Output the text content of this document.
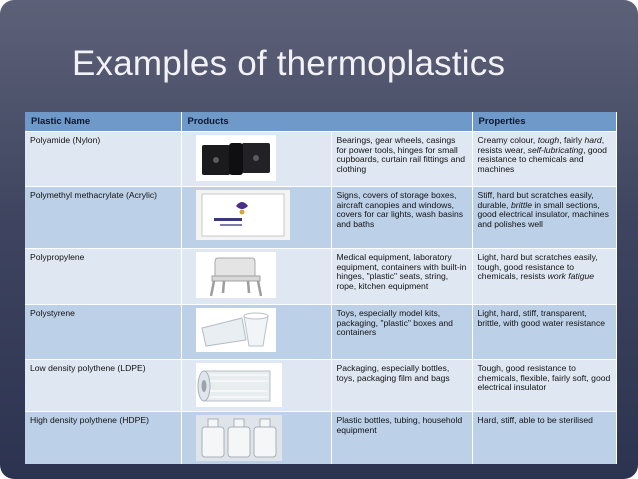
Examples of thermoplastics
Plastic Name	Products		Properties
Polyamide (Nylon)		Bearings, gear wheels, casings for power tools, hinges for small cupboards, curtain rail fittings and clothing	Creamy colour, tough, fairly hard, resists wear, self-lubricating, good resistance to chemicals and machines
Polymethyl methacrylate (Acrylic)		Signs, covers of storage boxes, aircraft canopies and windows, covers for car lights, wash basins and baths	Stiff, hard but scratches easily, durable, brittle in small sections, good electrical insulator, machines and polishes well
Polypropylene		Medical equipment, laboratory equipment, containers with built-in hinges, "plastic" seats, string, rope, kitchen equipment	Light, hard but scratches easily, tough, good resistance to chemicals, resists work fatigue
Polystyrene		Toys, especially model kits, packaging, "plastic" boxes and containers	Light, hard, stiff, transparent, brittle, with good water resistance
Low density polythene (LDPE)		Packaging, especially bottles, toys, packaging film and bags	Tough, good resistance to chemicals, flexible, fairly soft, good electrical insulator
High density polythene (HDPE)		Plastic bottles, tubing, household equipment	Hard, stiff, able to be sterilised
